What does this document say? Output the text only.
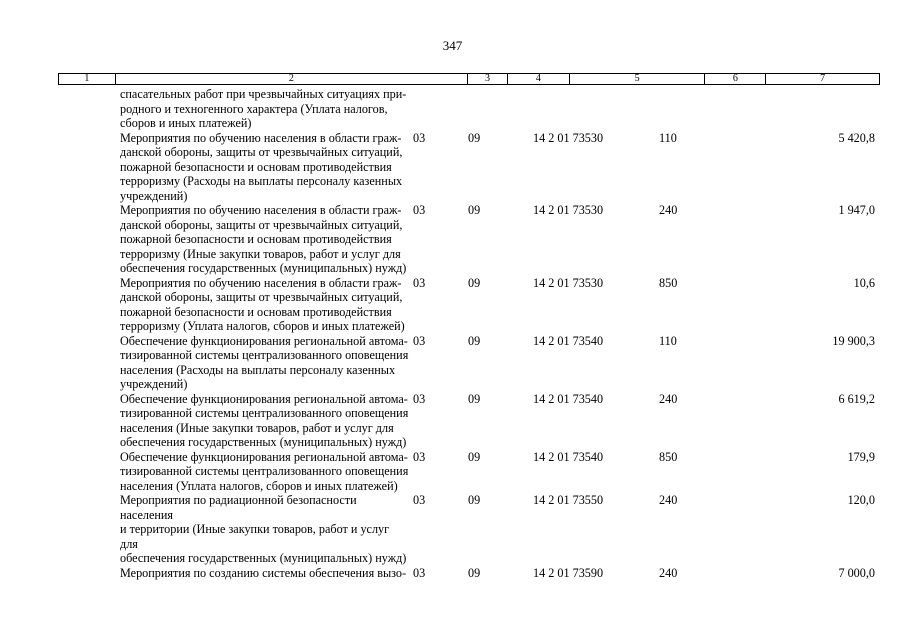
347
1	2	3	4	5	6	7
спасательных работ при чрезвычайных ситуациях при-
родного и техногенного характера (Уплата налогов,
сборов и иных платежей)
Мероприятия по обучению населения в области граж-
данской обороны, защиты от чрезвычайных ситуаций,
пожарной безопасности и основам противодействия
терроризму (Расходы на выплаты персоналу казенных
учреждений)
03	09	14 2 01 73530	110	5 420,8
Мероприятия по обучению населения в области граж-
данской обороны, защиты от чрезвычайных ситуаций,
пожарной безопасности и основам противодействия
терроризму (Иные закупки товаров, работ и услуг для
обеспечения государственных (муниципальных) нужд)
03	09	14 2 01 73530	240	1 947,0
Мероприятия по обучению населения в области граж-
данской обороны, защиты от чрезвычайных ситуаций,
пожарной безопасности и основам противодействия
терроризму (Уплата налогов, сборов и иных платежей)
03	09	14 2 01 73530	850	10,6
Обеспечение функционирования региональной автома-
тизированной системы централизованного оповещения
населения (Расходы на выплаты персоналу казенных
учреждений)
03	09	14 2 01 73540	110	19 900,3
Обеспечение функционирования региональной автома-
тизированной системы централизованного оповещения
населения (Иные закупки товаров, работ и услуг для
обеспечения государственных (муниципальных) нужд)
03	09	14 2 01 73540	240	6 619,2
Обеспечение функционирования региональной автома-
тизированной системы централизованного оповещения
населения (Уплата налогов, сборов и иных платежей)
03	09	14 2 01 73540	850	179,9
Мероприятия по радиационной безопасности населения
и территории (Иные закупки товаров, работ и услуг для
обеспечения государственных (муниципальных) нужд)
03	09	14 2 01 73550	240	120,0
Мероприятия по созданию системы обеспечения вызо- 03	09	14 2 01 73590	240	7 000,0
